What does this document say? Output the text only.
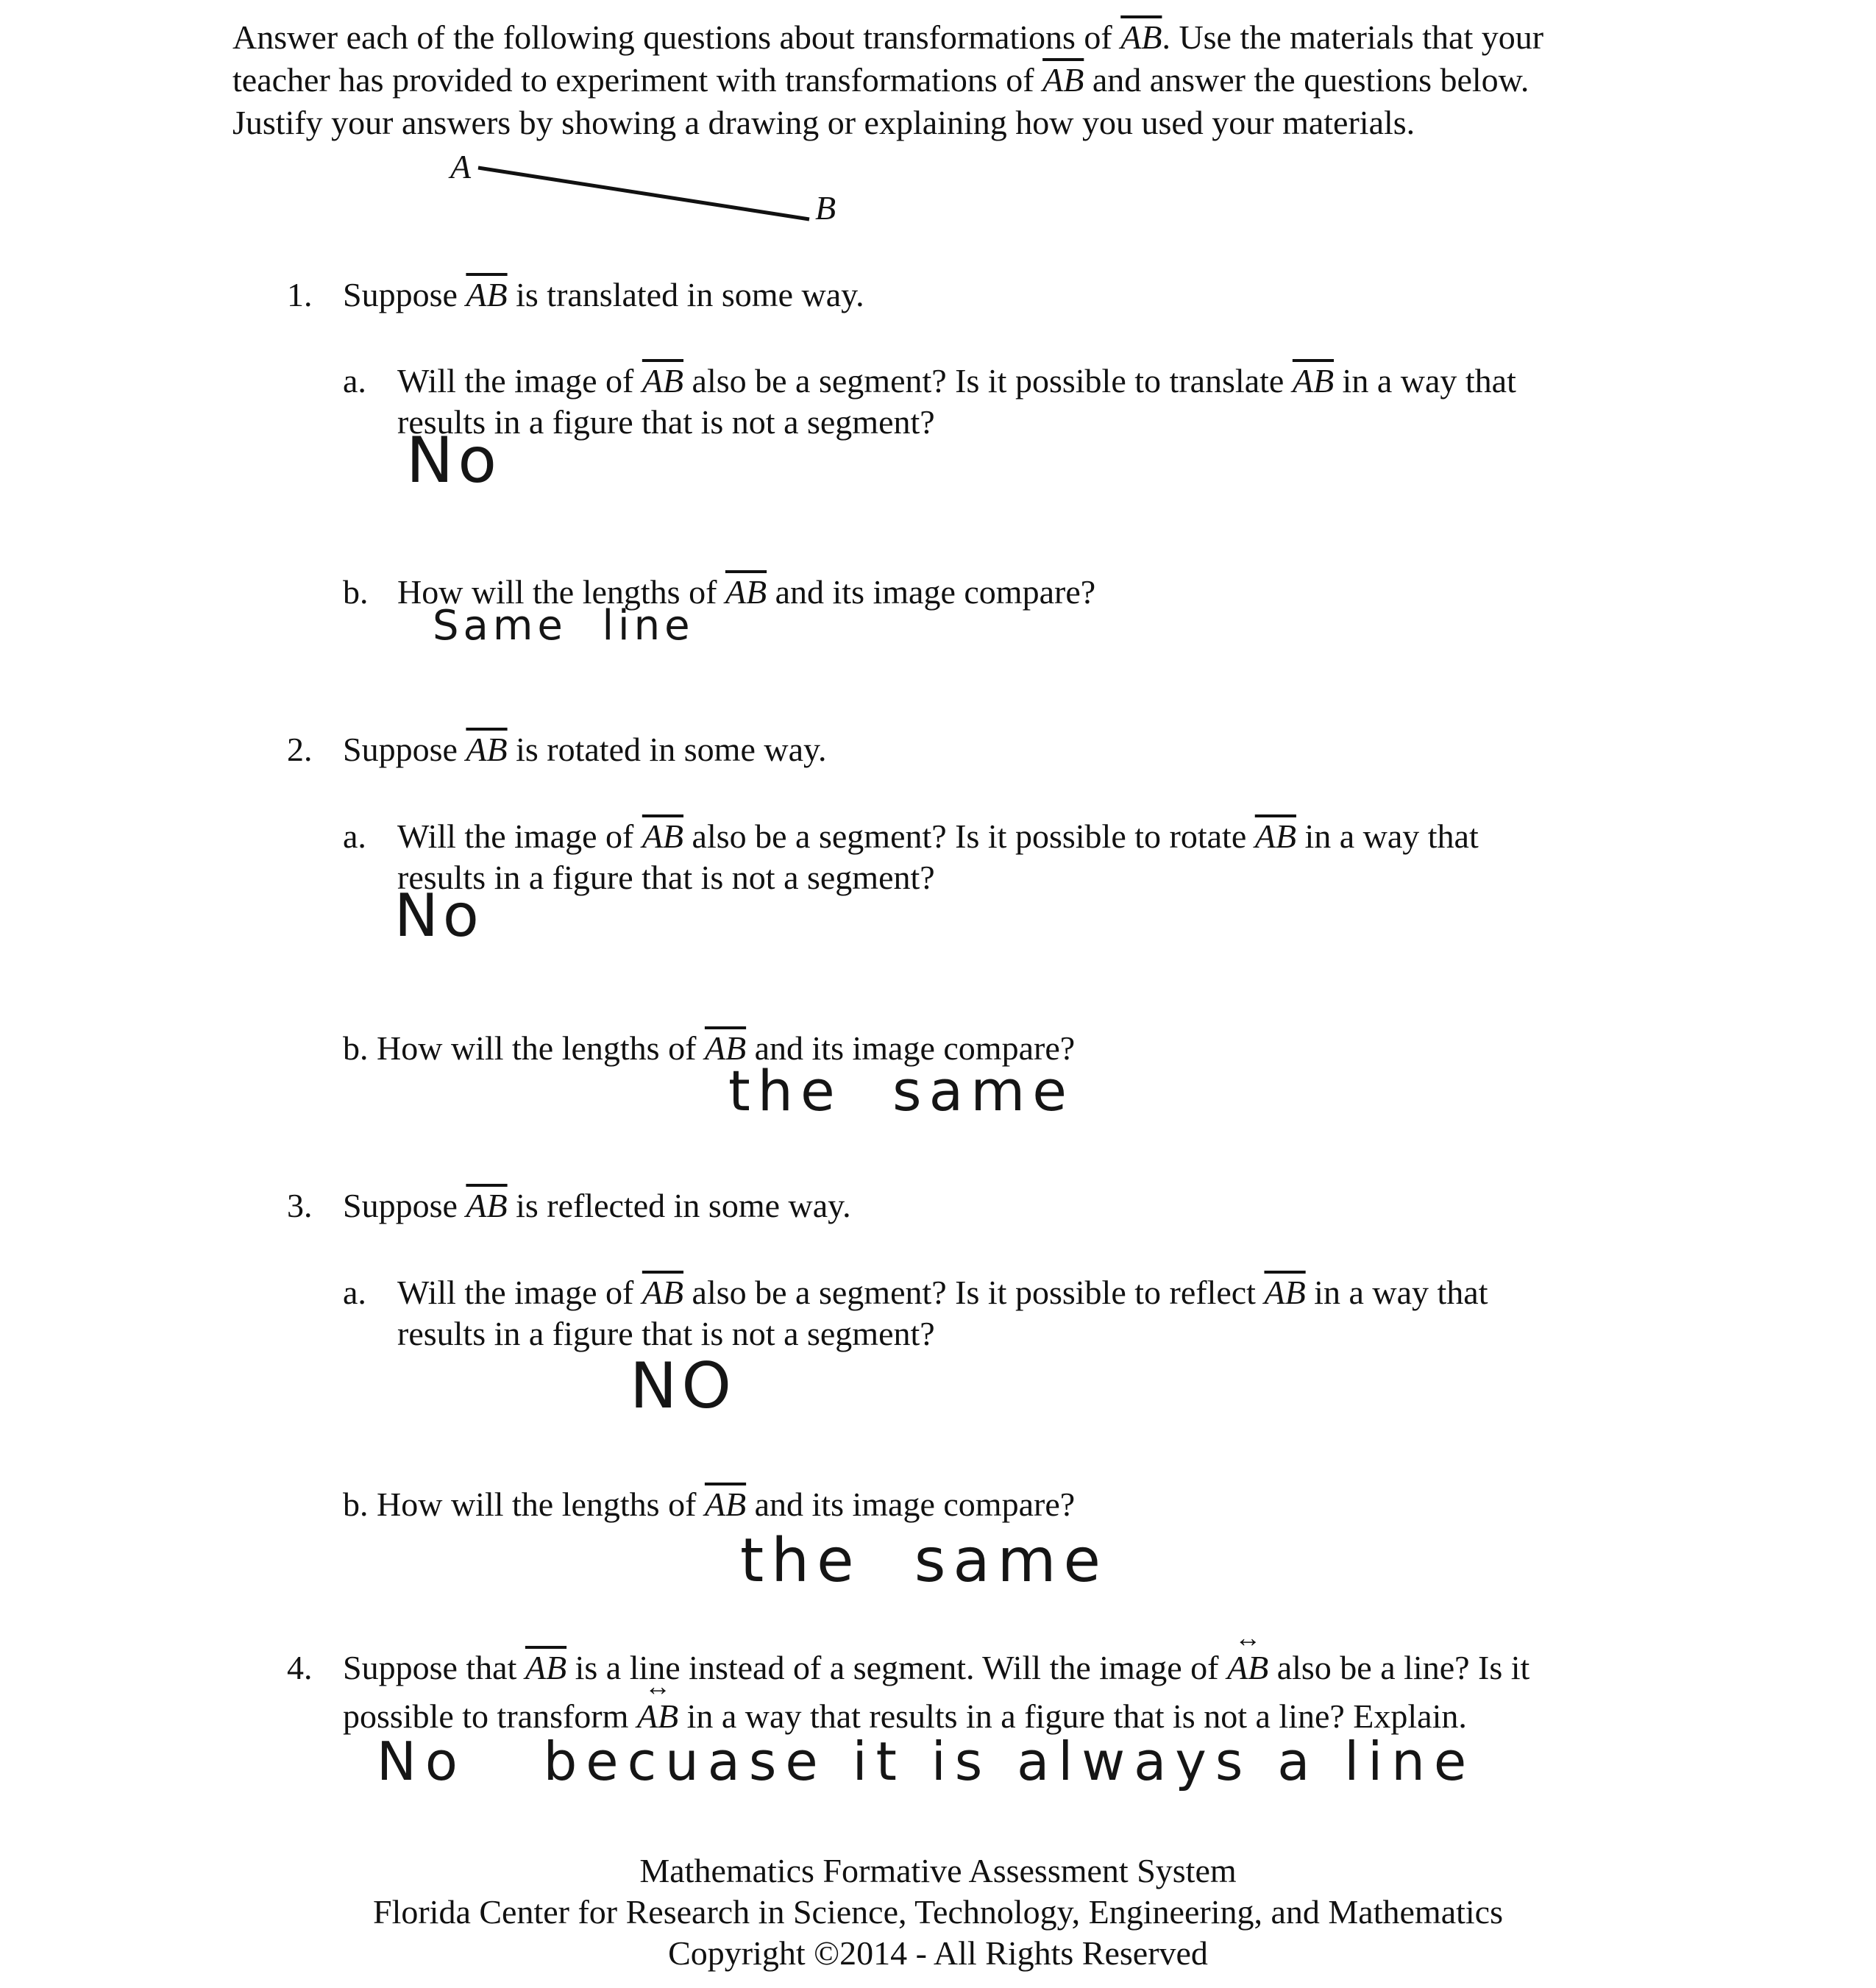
Answer each of the following questions about transformations of $\overline{AB}$. Use the materials that your
teacher has provided to experiment with transformations of $\overline{AB}$ and answer the questions below.
Justify your answers by showing a drawing or explaining how you used your materials.
A
B
1. Suppose $\overline{AB}$ is translated in some way.
a. Will the image of $\overline{AB}$ also be a segment? Is it possible to translate $\overline{AB}$ in a way that
results in a figure that is not a segment?
No
b. How will the lengths of $\overline{AB}$ and its image compare?
Same  line
2. Suppose $\overline{AB}$ is rotated in some way.
a. Will the image of $\overline{AB}$ also be a segment? Is it possible to rotate $\overline{AB}$ in a way that
results in a figure that is not a segment?
No
b. How will the lengths of $\overline{AB}$ and its image compare?
the  same
3. Suppose $\overline{AB}$ is reflected in some way.
a. Will the image of $\overline{AB}$ also be a segment? Is it possible to reflect $\overline{AB}$ in a way that
results in a figure that is not a segment?
NO
b. How will the lengths of $\overline{AB}$ and its image compare?
the  same
4. Suppose that $\overline{AB}$ is a line instead of a segment. Will the image of ↔ AB also be a line? Is it
possible to transform ↔ AB in a way that results in a figure that is not a line? Explain.
No   becuase it is always a line
Mathematics Formative Assessment System
Florida Center for Research in Science, Technology, Engineering, and Mathematics
Copyright ©2014 - All Rights Reserved
